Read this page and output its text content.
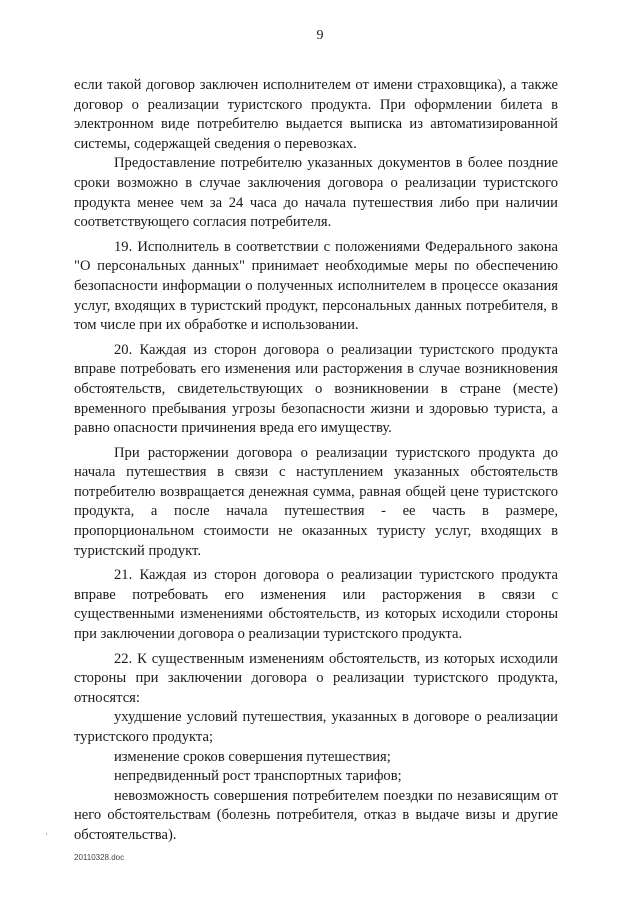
9
если такой договор заключен исполнителем от имени страховщика), а также договор о реализации туристского продукта. При оформлении билета в электронном виде потребителю выдается выписка из автоматизированной системы, содержащей сведения о перевозках.
Предоставление потребителю указанных документов в более поздние сроки возможно в случае заключения договора о реализации туристского продукта менее чем за 24 часа до начала путешествия либо при наличии соответствующего согласия потребителя.
19. Исполнитель в соответствии с положениями Федерального закона "О персональных данных" принимает необходимые меры по обеспечению безопасности информации о полученных исполнителем в процессе оказания услуг, входящих в туристский продукт, персональных данных потребителя, в том числе при их обработке и использовании.
20. Каждая из сторон договора о реализации туристского продукта вправе потребовать его изменения или расторжения в случае возникновения обстоятельств, свидетельствующих о возникновении в стране (месте) временного пребывания угрозы безопасности жизни и здоровью туриста, а равно опасности причинения вреда его имуществу.
При расторжении договора о реализации туристского продукта до начала путешествия в связи с наступлением указанных обстоятельств потребителю возвращается денежная сумма, равная общей цене туристского продукта, а после начала путешествия - ее часть в размере, пропорциональном стоимости не оказанных туристу услуг, входящих в туристский продукт.
21. Каждая из сторон договора о реализации туристского продукта вправе потребовать его изменения или расторжения в связи с существенными изменениями обстоятельств, из которых исходили стороны при заключении договора о реализации туристского продукта.
22. К существенным изменениям обстоятельств, из которых исходили стороны при заключении договора о реализации туристского продукта, относятся:
ухудшение условий путешествия, указанных в договоре о реализации туристского продукта;
изменение сроков совершения путешествия;
непредвиденный рост транспортных тарифов;
невозможность совершения потребителем поездки по независящим от него обстоятельствам (болезнь потребителя, отказ в выдаче визы и другие обстоятельства).
20110328.doc
